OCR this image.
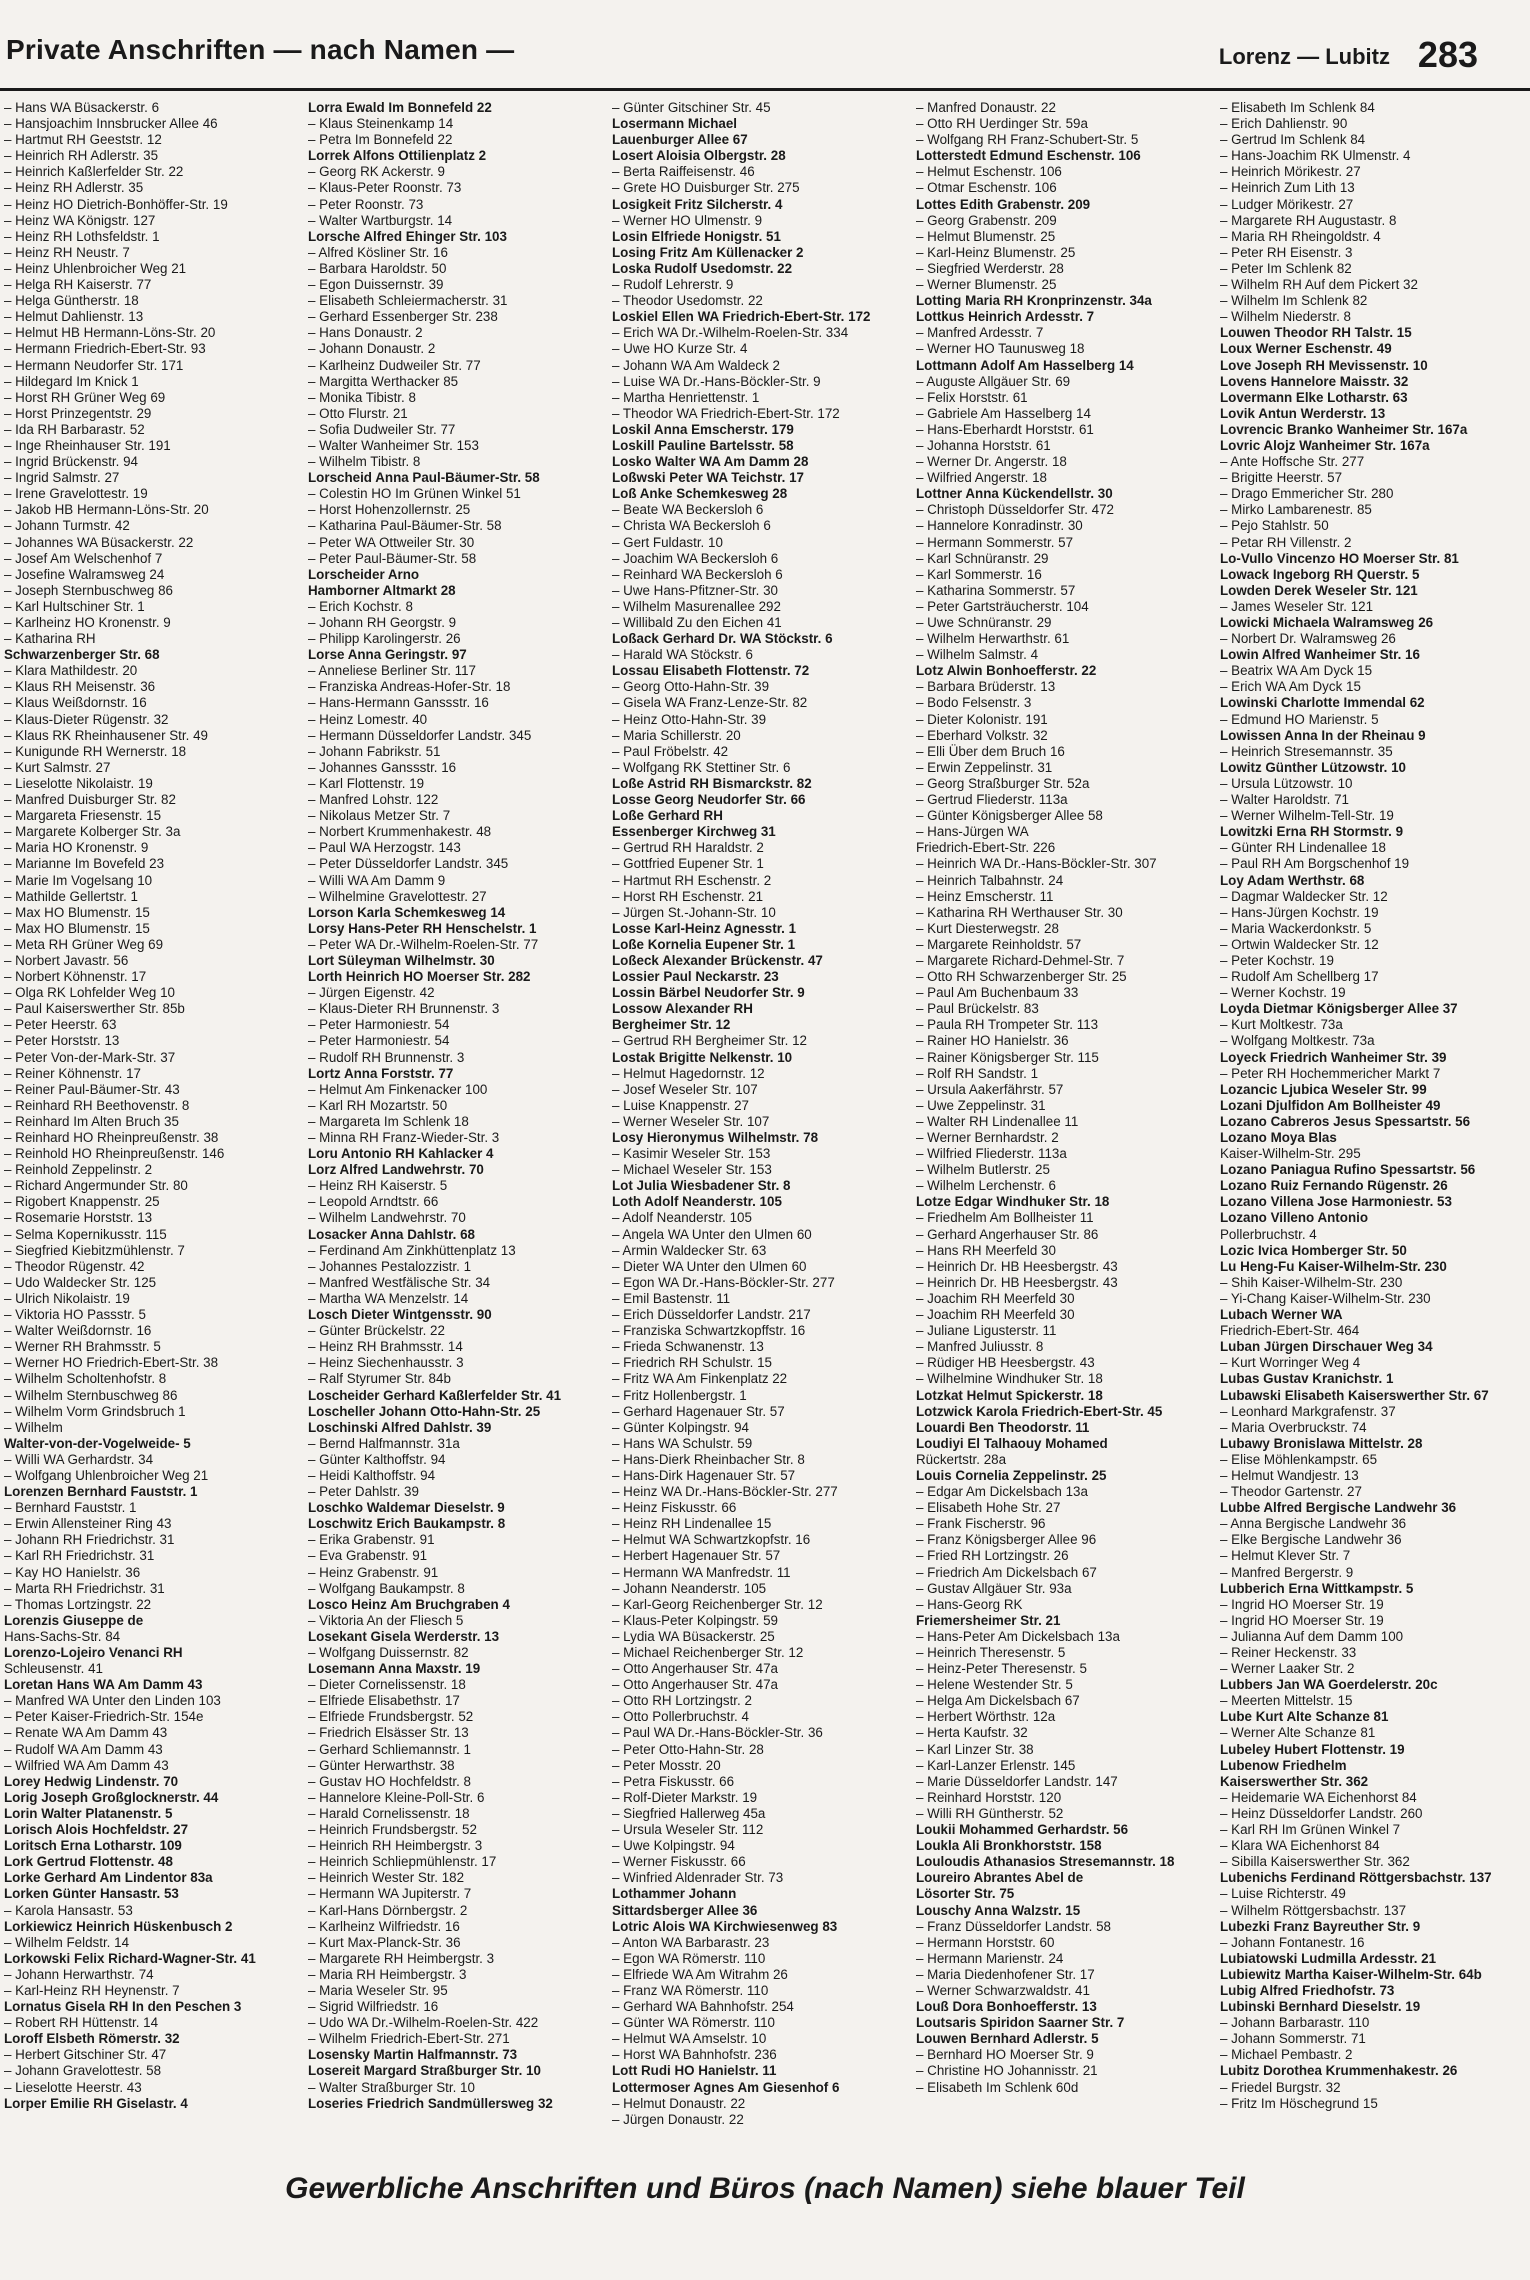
Private Anschriften — nach Namen —	Lorenz — Lubitz 283
– Hans WA Büsackerstr. 6
– Hansjoachim Innsbrucker Allee 46
– Hartmut RH Geeststr. 12
– Heinrich RH Adlerstr. 35
– Heinrich Kaßlerfelder Str. 22
– Heinz RH Adlerstr. 35
– Heinz HO Dietrich-Bonhöffer-Str. 19
– Heinz WA Königstr. 127
– Heinz RH Lothsfeldstr. 1
– Heinz RH Neustr. 7
– Heinz Uhlenbroicher Weg 21
– Helga RH Kaiserstr. 77
– Helga Güntherstr. 18
– Helmut Dahlienstr. 13
– Helmut HB Hermann-Löns-Str. 20
– Hermann Friedrich-Ebert-Str. 93
– Hermann Neudorfer Str. 171
– Hildegard Im Knick 1
– Horst RH Grüner Weg 69
– Horst Prinzegentstr. 29
– Ida RH Barbarastr. 52
– Inge Rheinhauser Str. 191
– Ingrid Brückenstr. 94
– Ingrid Salmstr. 27
– Irene Gravelottestr. 19
– Jakob HB Hermann-Löns-Str. 20
– Johann Turmstr. 42
– Johannes WA Büsackerstr. 22
– Josef Am Welschenhof 7
– Josefine Walramsweg 24
– Joseph Sternbuschweg 86
– Karl Hultschiner Str. 1
– Karlheinz HO Kronenstr. 9
– Katharina RH
Schwarzenberger Str. 68
– Klara Mathildestr. 20
– Klaus RH Meisenstr. 36
– Klaus Weißdornstr. 16
– Klaus-Dieter Rügenstr. 32
– Klaus RK Rheinhausener Str. 49
– Kunigunde RH Wernerstr. 18
– Kurt Salmstr. 27
– Lieselotte Nikolaistr. 19
– Manfred Duisburger Str. 82
– Margareta Friesenstr. 15
– Margarete Kolberger Str. 3a
– Maria HO Kronenstr. 9
– Marianne Im Bovefeld 23
– Marie Im Vogelsang 10
– Mathilde Gellertstr. 1
– Max HO Blumenstr. 15
– Max HO Blumenstr. 15
– Meta RH Grüner Weg 69
– Norbert Javastr. 56
– Norbert Köhnenstr. 17
– Olga RK Lohfelder Weg 10
– Paul Kaiserswerther Str. 85b
– Peter Heerstr. 63
– Peter Horststr. 13
– Peter Von-der-Mark-Str. 37
– Reiner Köhnenstr. 17
– Reiner Paul-Bäumer-Str. 43
– Reinhard RH Beethovenstr. 8
– Reinhard Im Alten Bruch 35
– Reinhard HO Rheinpreußenstr. 38
– Reinhold HO Rheinpreußenstr. 146
– Reinhold Zeppelinstr. 2
– Richard Angermunder Str. 80
– Rigobert Knappenstr. 25
– Rosemarie Horststr. 13
– Selma Kopernikusstr. 115
– Siegfried Kiebitzmühlenstr. 7
– Theodor Rügenstr. 42
– Udo Waldecker Str. 125
– Ulrich Nikolaistr. 19
– Viktoria HO Passstr. 5
– Walter Weißdornstr. 16
– Werner RH Brahmsstr. 5
– Werner HO Friedrich-Ebert-Str. 38
– Wilhelm Scholtenhofstr. 8
– Wilhelm Sternbuschweg 86
– Wilhelm Vorm Grindsbruch 1
– Wilhelm
Walter-von-der-Vogelweide- 5
– Willi WA Gerhardstr. 34
– Wolfgang Uhlenbroicher Weg 21
Lorenzen Bernhard Fauststr. 1
– Bernhard Fauststr. 1
– Erwin Allensteiner Ring 43
– Johann RH Friedrichstr. 31
– Karl RH Friedrichstr. 31
– Kay HO Hanielstr. 36
– Marta RH Friedrichstr. 31
– Thomas Lortzingstr. 22
Lorenzis Giuseppe de
Hans-Sachs-Str. 84
Lorenzo-Lojeiro Venanci RH
Schleusenstr. 41
Loretan Hans WA Am Damm 43
– Manfred WA Unter den Linden 103
– Peter Kaiser-Friedrich-Str. 154e
– Renate WA Am Damm 43
– Rudolf WA Am Damm 43
– Wilfried WA Am Damm 43
Lorey Hedwig Lindenstr. 70
Lorig Joseph Großglocknerstr. 44
Lorin Walter Platanenstr. 5
Lorisch Alois Hochfeldstr. 27
Loritsch Erna Lotharstr. 109
Lork Gertrud Flottenstr. 48
Lorke Gerhard Am Lindentor 83a
Lorken Günter Hansastr. 53
– Karola Hansastr. 53
Lorkiewicz Heinrich Hüskenbusch 2
– Wilhelm Feldstr. 14
Lorkowski Felix Richard-Wagner-Str. 41
– Johann Herwarthstr. 74
– Karl-Heinz RH Heynenstr. 7
Lornatus Gisela RH In den Peschen 3
– Robert RH Hüttenstr. 14
Loroff Elsbeth Römerstr. 32
– Herbert Gitschiner Str. 47
– Johann Gravelottestr. 58
– Lieselotte Heerstr. 43
Lorper Emilie RH Giselastr. 4
Lorra Ewald Im Bonnefeld 22
– Klaus Steinenkamp 14
– Petra Im Bonnefeld 22
Lorrek Alfons Ottilienplatz 2
– Georg RK Ackerstr. 9
– Klaus-Peter Roonstr. 73
– Peter Roonstr. 73
– Walter Wartburgstr. 14
Lorsche Alfred Ehinger Str. 103
– Alfred Kösliner Str. 16
– Barbara Haroldstr. 50
– Egon Duissernstr. 39
– Elisabeth Schleiermacherstr. 31
– Gerhard Essenberger Str. 238
– Hans Donaustr. 2
– Johann Donaustr. 2
– Karlheinz Dudweiler Str. 77
– Margitta Werthacker 85
– Monika Tibistr. 8
– Otto Flurstr. 21
– Sofia Dudweiler Str. 77
– Walter Wanheimer Str. 153
– Wilhelm Tibistr. 8
Lorscheid Anna Paul-Bäumer-Str. 58
– Colestin HO Im Grünen Winkel 51
– Horst Hohenzollernstr. 25
– Katharina Paul-Bäumer-Str. 58
– Peter WA Ottweiler Str. 30
– Peter Paul-Bäumer-Str. 58
Lorscheider Arno
Hamborner Altmarkt 28
– Erich Kochstr. 8
– Johann RH Georgstr. 9
– Philipp Karolingerstr. 26
Lorse Anna Geringstr. 97
– Anneliese Berliner Str. 117
– Franziska Andreas-Hofer-Str. 18
– Hans-Hermann Ganssstr. 16
– Heinz Lomestr. 40
– Hermann Düsseldorfer Landstr. 345
– Johann Fabrikstr. 51
– Johannes Ganssstr. 16
– Karl Flottenstr. 19
– Manfred Lohstr. 122
– Nikolaus Metzer Str. 7
– Norbert Krummenhakestr. 48
– Paul WA Herzogstr. 143
– Peter Düsseldorfer Landstr. 345
– Willi WA Am Damm 9
– Wilhelmine Gravelottestr. 27
Lorson Karla Schemkesweg 14
Lorsy Hans-Peter RH Henschelstr. 1
– Peter WA Dr.-Wilhelm-Roelen-Str. 77
Lort Süleyman Wilhelmstr. 30
Lorth Heinrich HO Moerser Str. 282
– Jürgen Eigenstr. 42
– Klaus-Dieter RH Brunnenstr. 3
– Peter Harmoniestr. 54
– Peter Harmoniestr. 54
– Rudolf RH Brunnenstr. 3
Lortz Anna Forststr. 77
– Helmut Am Finkenacker 100
– Karl RH Mozartstr. 50
– Margareta Im Schlenk 18
– Minna RH Franz-Wieder-Str. 3
Loru Antonio RH Kahlacker 4
Lorz Alfred Landwehrstr. 70
– Heinz RH Kaiserstr. 5
– Leopold Arndtstr. 66
– Wilhelm Landwehrstr. 70
Losacker Anna Dahlstr. 68
– Ferdinand Am Zinkhüttenplatz 13
– Johannes Pestalozzistr. 1
– Manfred Westfälische Str. 34
– Martha WA Menzelstr. 14
Losch Dieter Wintgensstr. 90
– Günter Brückelstr. 22
– Heinz RH Brahmsstr. 14
– Heinz Siechenhausstr. 3
– Ralf Styrumer Str. 84b
Loscheider Gerhard Kaßlerfelder Str. 41
Loscheller Johann Otto-Hahn-Str. 25
Loschinski Alfred Dahlstr. 39
– Bernd Halfmannstr. 31a
– Günter Kalthoffstr. 94
– Heidi Kalthoffstr. 94
– Peter Dahlstr. 39
Loschko Waldemar Dieselstr. 9
Loschwitz Erich Baukampstr. 8
– Erika Grabenstr. 91
– Eva Grabenstr. 91
– Heinz Grabenstr. 91
– Wolfgang Baukampstr. 8
Losco Heinz Am Bruchgraben 4
– Viktoria An der Fliesch 5
Losekant Gisela Werderstr. 13
– Wolfgang Duissernstr. 82
Losemann Anna Maxstr. 19
– Dieter Cornelissenstr. 18
– Elfriede Elisabethstr. 17
– Elfriede Frundsbergstr. 52
– Friedrich Elsässer Str. 13
– Gerhard Schliemannstr. 1
– Günter Herwarthstr. 38
– Gustav HO Hochfeldstr. 8
– Hannelore Kleine-Poll-Str. 6
– Harald Cornelissenstr. 18
– Heinrich Frundsbergstr. 52
– Heinrich RH Heimbergstr. 3
– Heinrich Schliepmühlenstr. 17
– Heinrich Wester Str. 182
– Hermann WA Jupiterstr. 7
– Karl-Hans Dörnbergstr. 2
– Karlheinz Wilfriedstr. 16
– Kurt Max-Planck-Str. 36
– Margarete RH Heimbergstr. 3
– Maria RH Heimbergstr. 3
– Maria Weseler Str. 95
– Sigrid Wilfriedstr. 16
– Udo WA Dr.-Wilhelm-Roelen-Str. 422
– Wilhelm Friedrich-Ebert-Str. 271
Losensky Martin Halfmannstr. 73
Losereit Margard Straßburger Str. 10
– Walter Straßburger Str. 10
Loseries Friedrich Sandmüllersweg 32
– Günter Gitschiner Str. 45
Losermann Michael
Lauenburger Allee 67
Losert Aloisia Olbergstr. 28
– Berta Raiffeisenstr. 46
– Grete HO Duisburger Str. 275
Losigkeit Fritz Silcherstr. 4
– Werner HO Ulmenstr. 9
Losin Elfriede Honigstr. 51
Losing Fritz Am Küllenacker 2
Loska Rudolf Usedomstr. 22
– Rudolf Lehrerstr. 9
– Theodor Usedomstr. 22
Loskiel Ellen WA Friedrich-Ebert-Str. 172
– Erich WA Dr.-Wilhelm-Roelen-Str. 334
– Uwe HO Kurze Str. 4
– Johann WA Am Waldeck 2
– Luise WA Dr.-Hans-Böckler-Str. 9
– Martha Henriettenstr. 1
– Theodor WA Friedrich-Ebert-Str. 172
Loskil Anna Emscherstr. 179
Loskill Pauline Bartelsstr. 58
Losko Walter WA Am Damm 28
Loßwski Peter WA Teichstr. 17
Loß Anke Schemkesweg 28
– Beate WA Beckersloh 6
– Christa WA Beckersloh 6
– Gert Fuldastr. 10
– Joachim WA Beckersloh 6
– Reinhard WA Beckersloh 6
– Uwe Hans-Pfitzner-Str. 30
– Wilhelm Masurenallee 292
– Willibald Zu den Eichen 41
Loßack Gerhard Dr. WA Stöckstr. 6
– Harald WA Stöckstr. 6
Lossau Elisabeth Flottenstr. 72
– Georg Otto-Hahn-Str. 39
– Gisela WA Franz-Lenze-Str. 82
– Heinz Otto-Hahn-Str. 39
– Maria Schillerstr. 20
– Paul Fröbelstr. 42
– Wolfgang RK Stettiner Str. 6
Loße Astrid RH Bismarckstr. 82
Losse Georg Neudorfer Str. 66
Loße Gerhard RH
Essenberger Kirchweg 31
– Gertrud RH Haraldstr. 2
– Gottfried Eupener Str. 1
– Hartmut RH Eschenstr. 2
– Horst RH Eschenstr. 21
– Jürgen St.-Johann-Str. 10
Losse Karl-Heinz Agnesstr. 1
Loße Kornelia Eupener Str. 1
Loßeck Alexander Brückenstr. 47
Lossier Paul Neckarstr. 23
Lossin Bärbel Neudorfer Str. 9
Lossow Alexander RH
Bergheimer Str. 12
– Gertrud RH Bergheimer Str. 12
Lostak Brigitte Nelkenstr. 10
– Helmut Hagedornstr. 12
– Josef Weseler Str. 107
– Luise Knappenstr. 27
– Werner Weseler Str. 107
Losy Hieronymus Wilhelmstr. 78
– Kasimir Weseler Str. 153
– Michael Weseler Str. 153
Lot Julia Wiesbadener Str. 8
Loth Adolf Neanderstr. 105
– Adolf Neanderstr. 105
– Angela WA Unter den Ulmen 60
– Armin Waldecker Str. 63
– Dieter WA Unter den Ulmen 60
– Egon WA Dr.-Hans-Böckler-Str. 277
– Emil Bastenstr. 11
– Erich Düsseldorfer Landstr. 217
– Franziska Schwartzkopffstr. 16
– Frieda Schwanenstr. 13
– Friedrich RH Schulstr. 15
– Fritz WA Am Finkenplatz 22
– Fritz Hollenbergstr. 1
– Gerhard Hagenauer Str. 57
– Günter Kolpingstr. 94
– Hans WA Schulstr. 59
– Hans-Dierk Rheinbacher Str. 8
– Hans-Dirk Hagenauer Str. 57
– Heinz WA Dr.-Hans-Böckler-Str. 277
– Heinz Fiskusstr. 66
– Heinz RH Lindenallee 15
– Helmut WA Schwartzkopfstr. 16
– Herbert Hagenauer Str. 57
– Hermann WA Manfredstr. 11
– Johann Neanderstr. 105
– Karl-Georg Reichenberger Str. 12
– Klaus-Peter Kolpingstr. 59
– Lydia WA Büsackerstr. 25
– Michael Reichenberger Str. 12
– Otto Angerhauser Str. 47a
– Otto Angerhauser Str. 47a
– Otto RH Lortzingstr. 2
– Otto Pollerbruchstr. 4
– Paul WA Dr.-Hans-Böckler-Str. 36
– Peter Otto-Hahn-Str. 28
– Peter Mosstr. 20
– Petra Fiskusstr. 66
– Rolf-Dieter Markstr. 19
– Siegfried Hallerweg 45a
– Ursula Weseler Str. 112
– Uwe Kolpingstr. 94
– Werner Fiskusstr. 66
– Winfried Aldenrader Str. 73
Lothammer Johann
Sittardsberger Allee 36
Lotric Alois WA Kirchwiesenweg 83
– Anton WA Barbarastr. 23
– Egon WA Römerstr. 110
– Elfriede WA Am Witrahm 26
– Franz WA Römerstr. 110
– Gerhard WA Bahnhofstr. 254
– Günter WA Römerstr. 110
– Helmut WA Amselstr. 10
– Horst WA Bahnhofstr. 236
Lott Rudi HO Hanielstr. 11
Lottermoser Agnes Am Giesenhof 6
– Helmut Donaustr. 22
– Jürgen Donaustr. 22
– Manfred Donaustr. 22
– Otto RH Uerdinger Str. 59a
– Wolfgang RH Franz-Schubert-Str. 5
Lotterstedt Edmund Eschenstr. 106
– Helmut Eschenstr. 106
– Otmar Eschenstr. 106
Lottes Edith Grabenstr. 209
– Georg Grabenstr. 209
– Helmut Blumenstr. 25
– Karl-Heinz Blumenstr. 25
– Siegfried Werderstr. 28
– Werner Blumenstr. 25
Lotting Maria RH Kronprinzenstr. 34a
Lottkus Heinrich Ardesstr. 7
– Manfred Ardesstr. 7
– Werner HO Taunusweg 18
Lottmann Adolf Am Hasselberg 14
– Auguste Allgäuer Str. 69
– Felix Horststr. 61
– Gabriele Am Hasselberg 14
– Hans-Eberhardt Horststr. 61
– Johanna Horststr. 61
– Werner Dr. Angerstr. 18
– Wilfried Angerstr. 18
Lottner Anna Kückendellstr. 30
– Christoph Düsseldorfer Str. 472
– Hannelore Konradinstr. 30
– Hermann Sommerstr. 57
– Karl Schnüranstr. 29
– Karl Sommerstr. 16
– Katharina Sommerstr. 57
– Peter Gartsträucherstr. 104
– Uwe Schnüranstr. 29
– Wilhelm Herwarthstr. 61
– Wilhelm Salmstr. 4
Lotz Alwin Bonhoefferstr. 22
– Barbara Brüderstr. 13
– Bodo Felsenstr. 3
– Dieter Kolonistr. 191
– Eberhard Volkstr. 32
– Elli Über dem Bruch 16
– Erwin Zeppelinstr. 31
– Georg Straßburger Str. 52a
– Gertrud Fliederstr. 113a
– Günter Königsberger Allee 58
– Hans-Jürgen WA
Friedrich-Ebert-Str. 226
– Heinrich WA Dr.-Hans-Böckler-Str. 307
– Heinrich Talbahnstr. 24
– Heinz Emscherstr. 11
– Katharina RH Werthauser Str. 30
– Kurt Diesterwegstr. 28
– Margarete Reinholdstr. 57
– Margarete Richard-Dehmel-Str. 7
– Otto RH Schwarzenberger Str. 25
– Paul Am Buchenbaum 33
– Paul Brückelstr. 83
– Paula RH Trompeter Str. 113
– Rainer HO Hanielstr. 36
– Rainer Königsberger Str. 115
– Rolf RH Sandstr. 1
– Ursula Aakerfährstr. 57
– Uwe Zeppelinstr. 31
– Walter RH Lindenallee 11
– Werner Bernhardstr. 2
– Wilfried Fliederstr. 113a
– Wilhelm Butlerstr. 25
– Wilhelm Lerchenstr. 6
Lotze Edgar Windhuker Str. 18
– Friedhelm Am Bollheister 11
– Gerhard Angerhauser Str. 86
– Hans RH Meerfeld 30
– Heinrich Dr. HB Heesbergstr. 43
– Heinrich Dr. HB Heesbergstr. 43
– Joachim RH Meerfeld 30
– Joachim RH Meerfeld 30
– Juliane Ligusterstr. 11
– Manfred Juliusstr. 8
– Rüdiger HB Heesbergstr. 43
– Wilhelmine Windhuker Str. 18
Lotzkat Helmut Spickerstr. 18
Lotzwick Karola Friedrich-Ebert-Str. 45
Louardi Ben Theodorstr. 11
Loudiyi El Talhaouy Mohamed
Rückertstr. 28a
Louis Cornelia Zeppelinstr. 25
– Edgar Am Dickelsbach 13a
– Elisabeth Hohe Str. 27
– Frank Fischerstr. 96
– Franz Königsberger Allee 96
– Fried RH Lortzingstr. 26
– Friedrich Am Dickelsbach 67
– Gustav Allgäuer Str. 93a
– Hans-Georg RK
Friemersheimer Str. 21
– Hans-Peter Am Dickelsbach 13a
– Heinrich Theresenstr. 5
– Heinz-Peter Theresenstr. 5
– Helene Westender Str. 5
– Helga Am Dickelsbach 67
– Herbert Wörthstr. 12a
– Herta Kaufstr. 32
– Karl Linzer Str. 38
– Karl-Lanzer Erlenstr. 145
– Marie Düsseldorfer Landstr. 147
– Reinhard Horststr. 120
– Willi RH Güntherstr. 52
Loukii Mohammed Gerhardstr. 56
Loukla Ali Bronkhorststr. 158
Louloudis Athanasios Stresemannstr. 18
Loureiro Abrantes Abel de
Lösorter Str. 75
Louschy Anna Walzstr. 15
– Franz Düsseldorfer Landstr. 58
– Hermann Horststr. 60
– Hermann Marienstr. 24
– Maria Diedenhofener Str. 17
– Werner Schwarzwaldstr. 41
Louß Dora Bonhoefferstr. 13
Loutsaris Spiridon Saarner Str. 7
Louwen Bernhard Adlerstr. 5
– Bernhard HO Moerser Str. 9
– Christine HO Johannisstr. 21
– Elisabeth Im Schlenk 60d
– Elisabeth Im Schlenk 84
– Erich Dahlienstr. 90
– Gertrud Im Schlenk 84
– Hans-Joachim RK Ulmenstr. 4
– Heinrich Mörikestr. 27
– Heinrich Zum Lith 13
– Ludger Mörikestr. 27
– Margarete RH Augustastr. 8
– Maria RH Rheingoldstr. 4
– Peter RH Eisenstr. 3
– Peter Im Schlenk 82
– Wilhelm RH Auf dem Pickert 32
– Wilhelm Im Schlenk 82
– Wilhelm Niederstr. 8
Louwen Theodor RH Talstr. 15
Loux Werner Eschenstr. 49
Love Joseph RH Mevissenstr. 10
Lovens Hannelore Maisstr. 32
Lovermann Elke Lotharstr. 63
Lovik Antun Werderstr. 13
Lovrencic Branko Wanheimer Str. 167a
Lovric Alojz Wanheimer Str. 167a
– Ante Hoffsche Str. 277
– Brigitte Heerstr. 57
– Drago Emmericher Str. 280
– Mirko Lambarenestr. 85
– Pejo Stahlstr. 50
– Petar RH Villenstr. 2
Lo-Vullo Vincenzo HO Moerser Str. 81
Lowack Ingeborg RH Querstr. 5
Lowden Derek Weseler Str. 121
– James Weseler Str. 121
Lowicki Michaela Walramsweg 26
– Norbert Dr. Walramsweg 26
Lowin Alfred Wanheimer Str. 16
– Beatrix WA Am Dyck 15
– Erich WA Am Dyck 15
Lowinski Charlotte Immendal 62
– Edmund HO Marienstr. 5
Lowissen Anna In der Rheinau 9
– Heinrich Stresemannstr. 35
Lowitz Günther Lützowstr. 10
– Ursula Lützowstr. 10
– Walter Haroldstr. 71
– Werner Wilhelm-Tell-Str. 19
Lowitzki Erna RH Stormstr. 9
– Günter RH Lindenallee 18
– Paul RH Am Borgschenhof 19
Loy Adam Werthstr. 68
– Dagmar Waldecker Str. 12
– Hans-Jürgen Kochstr. 19
– Maria Wackerdonkstr. 5
– Ortwin Waldecker Str. 12
– Peter Kochstr. 19
– Rudolf Am Schellberg 17
– Werner Kochstr. 19
Loyda Dietmar Königsberger Allee 37
– Kurt Moltkestr. 73a
– Wolfgang Moltkestr. 73a
Loyeck Friedrich Wanheimer Str. 39
– Peter RH Hochemmericher Markt 7
Lozancic Ljubica Weseler Str. 99
Lozani Djulfidon Am Bollheister 49
Lozano Cabreros Jesus Spessartstr. 56
Lozano Moya Blas
Kaiser-Wilhelm-Str. 295
Lozano Paniagua Rufino Spessartstr. 56
Lozano Ruiz Fernando Rügenstr. 26
Lozano Villena Jose Harmoniestr. 53
Lozano Villeno Antonio
Pollerbruchstr. 4
Lozic Ivica Homberger Str. 50
Lu Heng-Fu Kaiser-Wilhelm-Str. 230
– Shih Kaiser-Wilhelm-Str. 230
– Yi-Chang Kaiser-Wilhelm-Str. 230
Lubach Werner WA
Friedrich-Ebert-Str. 464
Luban Jürgen Dirschauer Weg 34
– Kurt Worringer Weg 4
Lubas Gustav Kranichstr. 1
Lubawski Elisabeth Kaiserswerther Str. 67
– Leonhard Markgrafenstr. 37
– Maria Overbruckstr. 74
Lubawy Bronislawa Mittelstr. 28
– Elise Möhlenkampstr. 65
– Helmut Wandjestr. 13
– Theodor Gartenstr. 27
Lubbe Alfred Bergische Landwehr 36
– Anna Bergische Landwehr 36
– Elke Bergische Landwehr 36
– Helmut Klever Str. 7
– Manfred Bergerstr. 9
Lubberich Erna Wittkampstr. 5
– Ingrid HO Moerser Str. 19
– Ingrid HO Moerser Str. 19
– Julianna Auf dem Damm 100
– Reiner Heckenstr. 33
– Werner Laaker Str. 2
Lubbers Jan WA Goerdelerstr. 20c
– Meerten Mittelstr. 15
Lube Kurt Alte Schanze 81
– Werner Alte Schanze 81
Lubeley Hubert Flottenstr. 19
Lubenow Friedhelm
Kaiserswerther Str. 362
– Heidemarie WA Eichenhorst 84
– Heinz Düsseldorfer Landstr. 260
– Karl RH Im Grünen Winkel 7
– Klara WA Eichenhorst 84
– Sibilla Kaiserswerther Str. 362
Lubenichs Ferdinand Röttgersbachstr. 137
– Luise Richterstr. 49
– Wilhelm Röttgersbachstr. 137
Lubezki Franz Bayreuther Str. 9
– Johann Fontanestr. 16
Lubiatowski Ludmilla Ardesstr. 21
Lubiewitz Martha Kaiser-Wilhelm-Str. 64b
Lubig Alfred Friedhofstr. 73
Lubinski Bernhard Dieselstr. 19
– Johann Barbarastr. 110
– Johann Sommerstr. 71
– Michael Pembastr. 2
Lubitz Dorothea Krummenhakestr. 26
– Friedel Burgstr. 32
– Fritz Im Höschegrund 15
Gewerbliche Anschriften und Büros (nach Namen) siehe blauer Teil
